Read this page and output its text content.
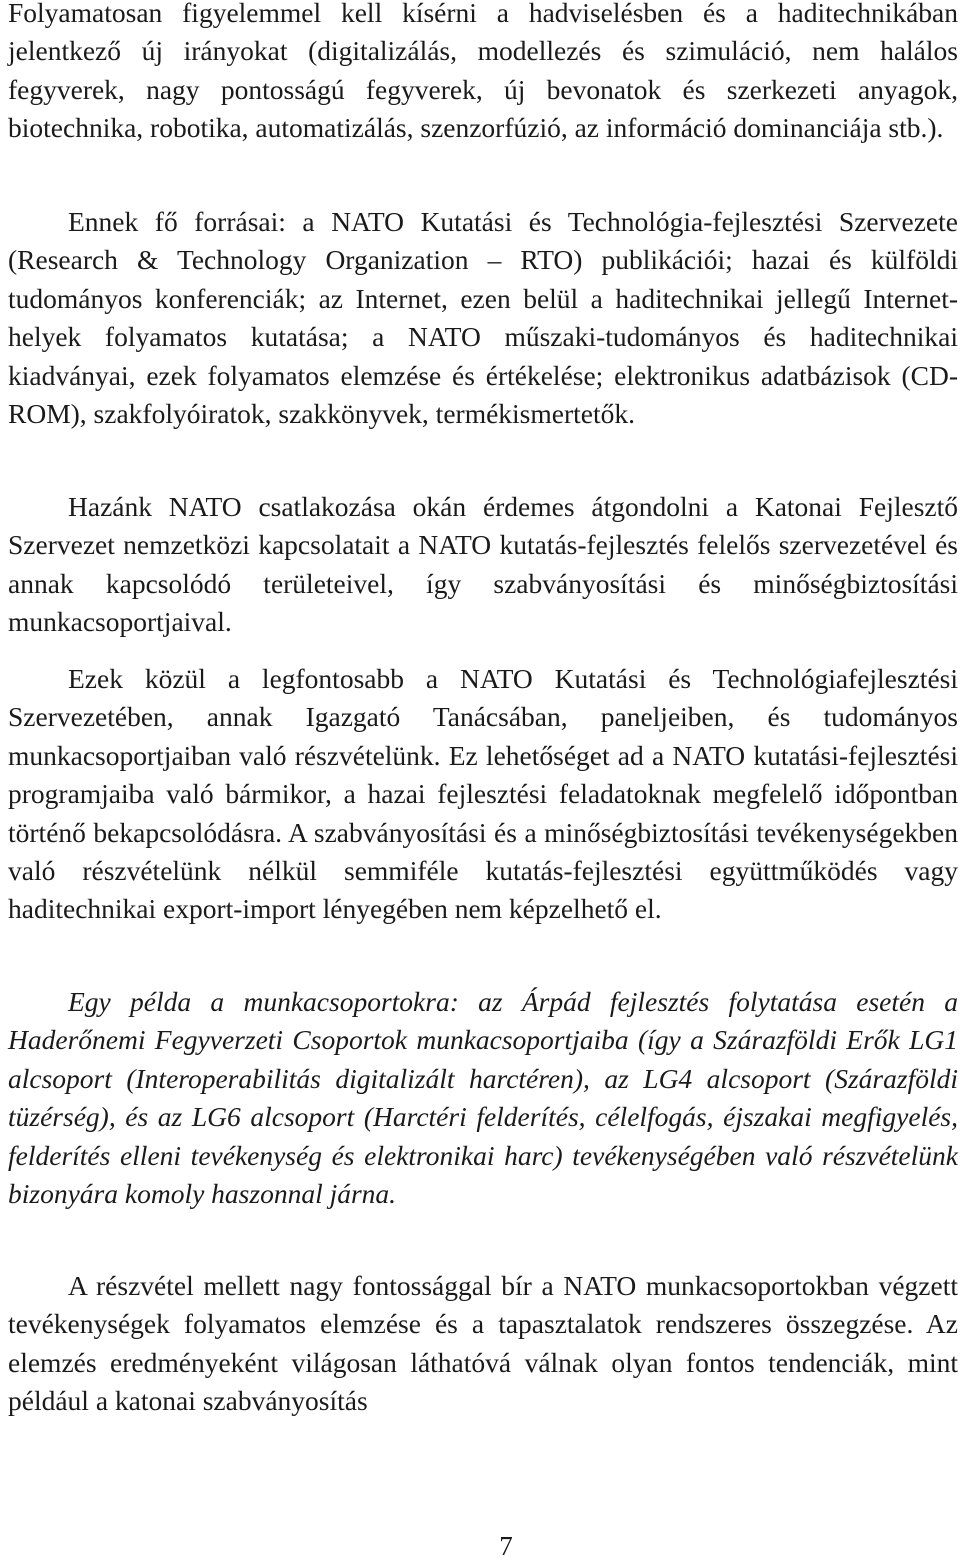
Folyamatosan figyelemmel kell kísérni a hadviselésben és a haditechnikában jelentkező új irányokat (digitalizálás, modellezés és szimuláció, nem halálos fegyverek, nagy pontosságú fegyverek, új bevonatok és szerkezeti anyagok, biotechnika, robotika, automatizálás, szenzorfúzió, az információ dominanciája stb.).

Ennek fő forrásai: a NATO Kutatási és Technológia-fejlesztési Szervezete (Research & Technology Organization – RTO) publikációi; hazai és külföldi tudományos konferenciák; az Internet, ezen belül a haditechnikai jellegű Internet-helyek folyamatos kutatása; a NATO műszaki-tudományos és haditechnikai kiadványai, ezek folyamatos elemzése és értékelése; elektronikus adatbázisok (CD-ROM), szakfolyóiratok, szakkönyvek, termékismertetők.

Hazánk NATO csatlakozása okán érdemes átgondolni a Katonai Fejlesztő Szervezet nemzetközi kapcsolatait a NATO kutatás-fejlesztés felelős szervezetével és annak kapcsolódó területeivel, így szabványosítási és minőségbiztosítási munkacsoportjaival.

Ezek közül a legfontosabb a NATO Kutatási és Technológiafejlesztési Szervezetében, annak Igazgató Tanácsában, paneljeiben, és tudományos munkacsoportjaiban való részvételünk. Ez lehetőséget ad a NATO kutatási-fejlesztési programjaiba való bármikor, a hazai fejlesztési feladatoknak megfelelő időpontban történő bekapcsolódásra. A szabványosítási és a minőségbiztosítási tevékenységekben való részvételünk nélkül semmiféle kutatás-fejlesztési együttműködés vagy haditechnikai export-import lényegében nem képzelhető el.

Egy példa a munkacsoportokra: az Árpád fejlesztés folytatása esetén a Haderőnemi Fegyverzeti Csoportok munkacsoportjaiba (így a Szárazföldi Erők LG1 alcsoport (Interoperabilitás digitalizált harctéren), az LG4 alcsoport (Szárazföldi tüzérség), és az LG6 alcsoport (Harctéri felderítés, célelfogás, éjszakai megfigyelés, felderítés elleni tevékenység és elektronikai harc) tevékenységében való részvételünk bizonyára komoly haszonnal járna.

A részvétel mellett nagy fontossággal bír a NATO munkacsoportokban végzett tevékenységek folyamatos elemzése és a tapasztalatok rendszeres összegzése. Az elemzés eredményeként világosan láthatóvá válnak olyan fontos tendenciák, mint például a katonai szabványosítás

7
